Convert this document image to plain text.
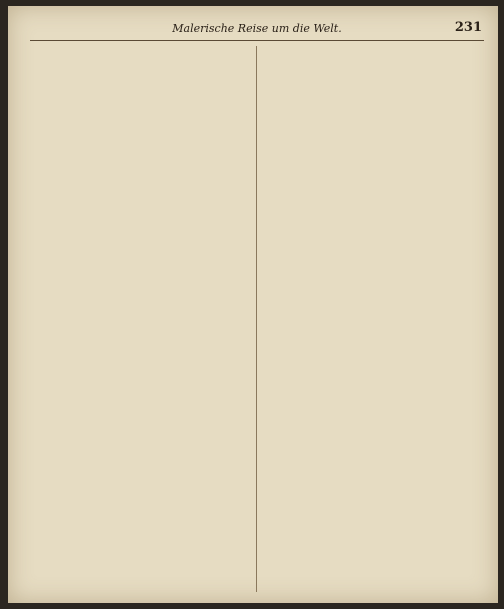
Malerische Reise um die Welt.	231
